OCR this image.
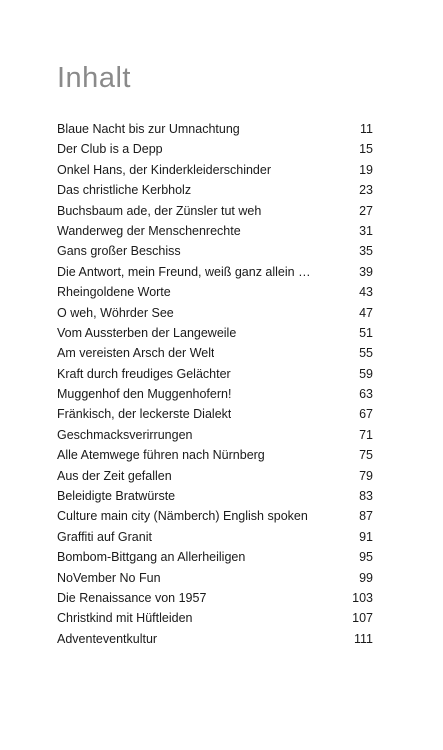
Inhalt
Blaue Nacht bis zur Umnachtung	11
Der Club is a Depp	15
Onkel Hans, der Kinderkleiderschinder	19
Das christliche Kerbholz	23
Buchsbaum ade, der Zünsler tut weh	27
Wanderweg der Menschenrechte	31
Gans großer Beschiss	35
Die Antwort, mein Freund, weiß ganz allein …	39
Rheingoldene Worte	43
O weh, Wöhrder See	47
Vom Aussterben der Langeweile	51
Am vereisten Arsch der Welt	55
Kraft durch freudiges Gelächter	59
Muggenhof den Muggenhofern!	63
Fränkisch, der leckerste Dialekt	67
Geschmacksverirrungen	71
Alle Atemwege führen nach Nürnberg	75
Aus der Zeit gefallen	79
Beleidigte Bratwürste	83
Culture main city (Nämberch) English spoken	87
Graffiti auf Granit	91
Bombom-Bittgang an Allerheiligen	95
NoVember No Fun	99
Die Renaissance von 1957	103
Christkind mit Hüftleiden	107
Adventeventkultur	111
